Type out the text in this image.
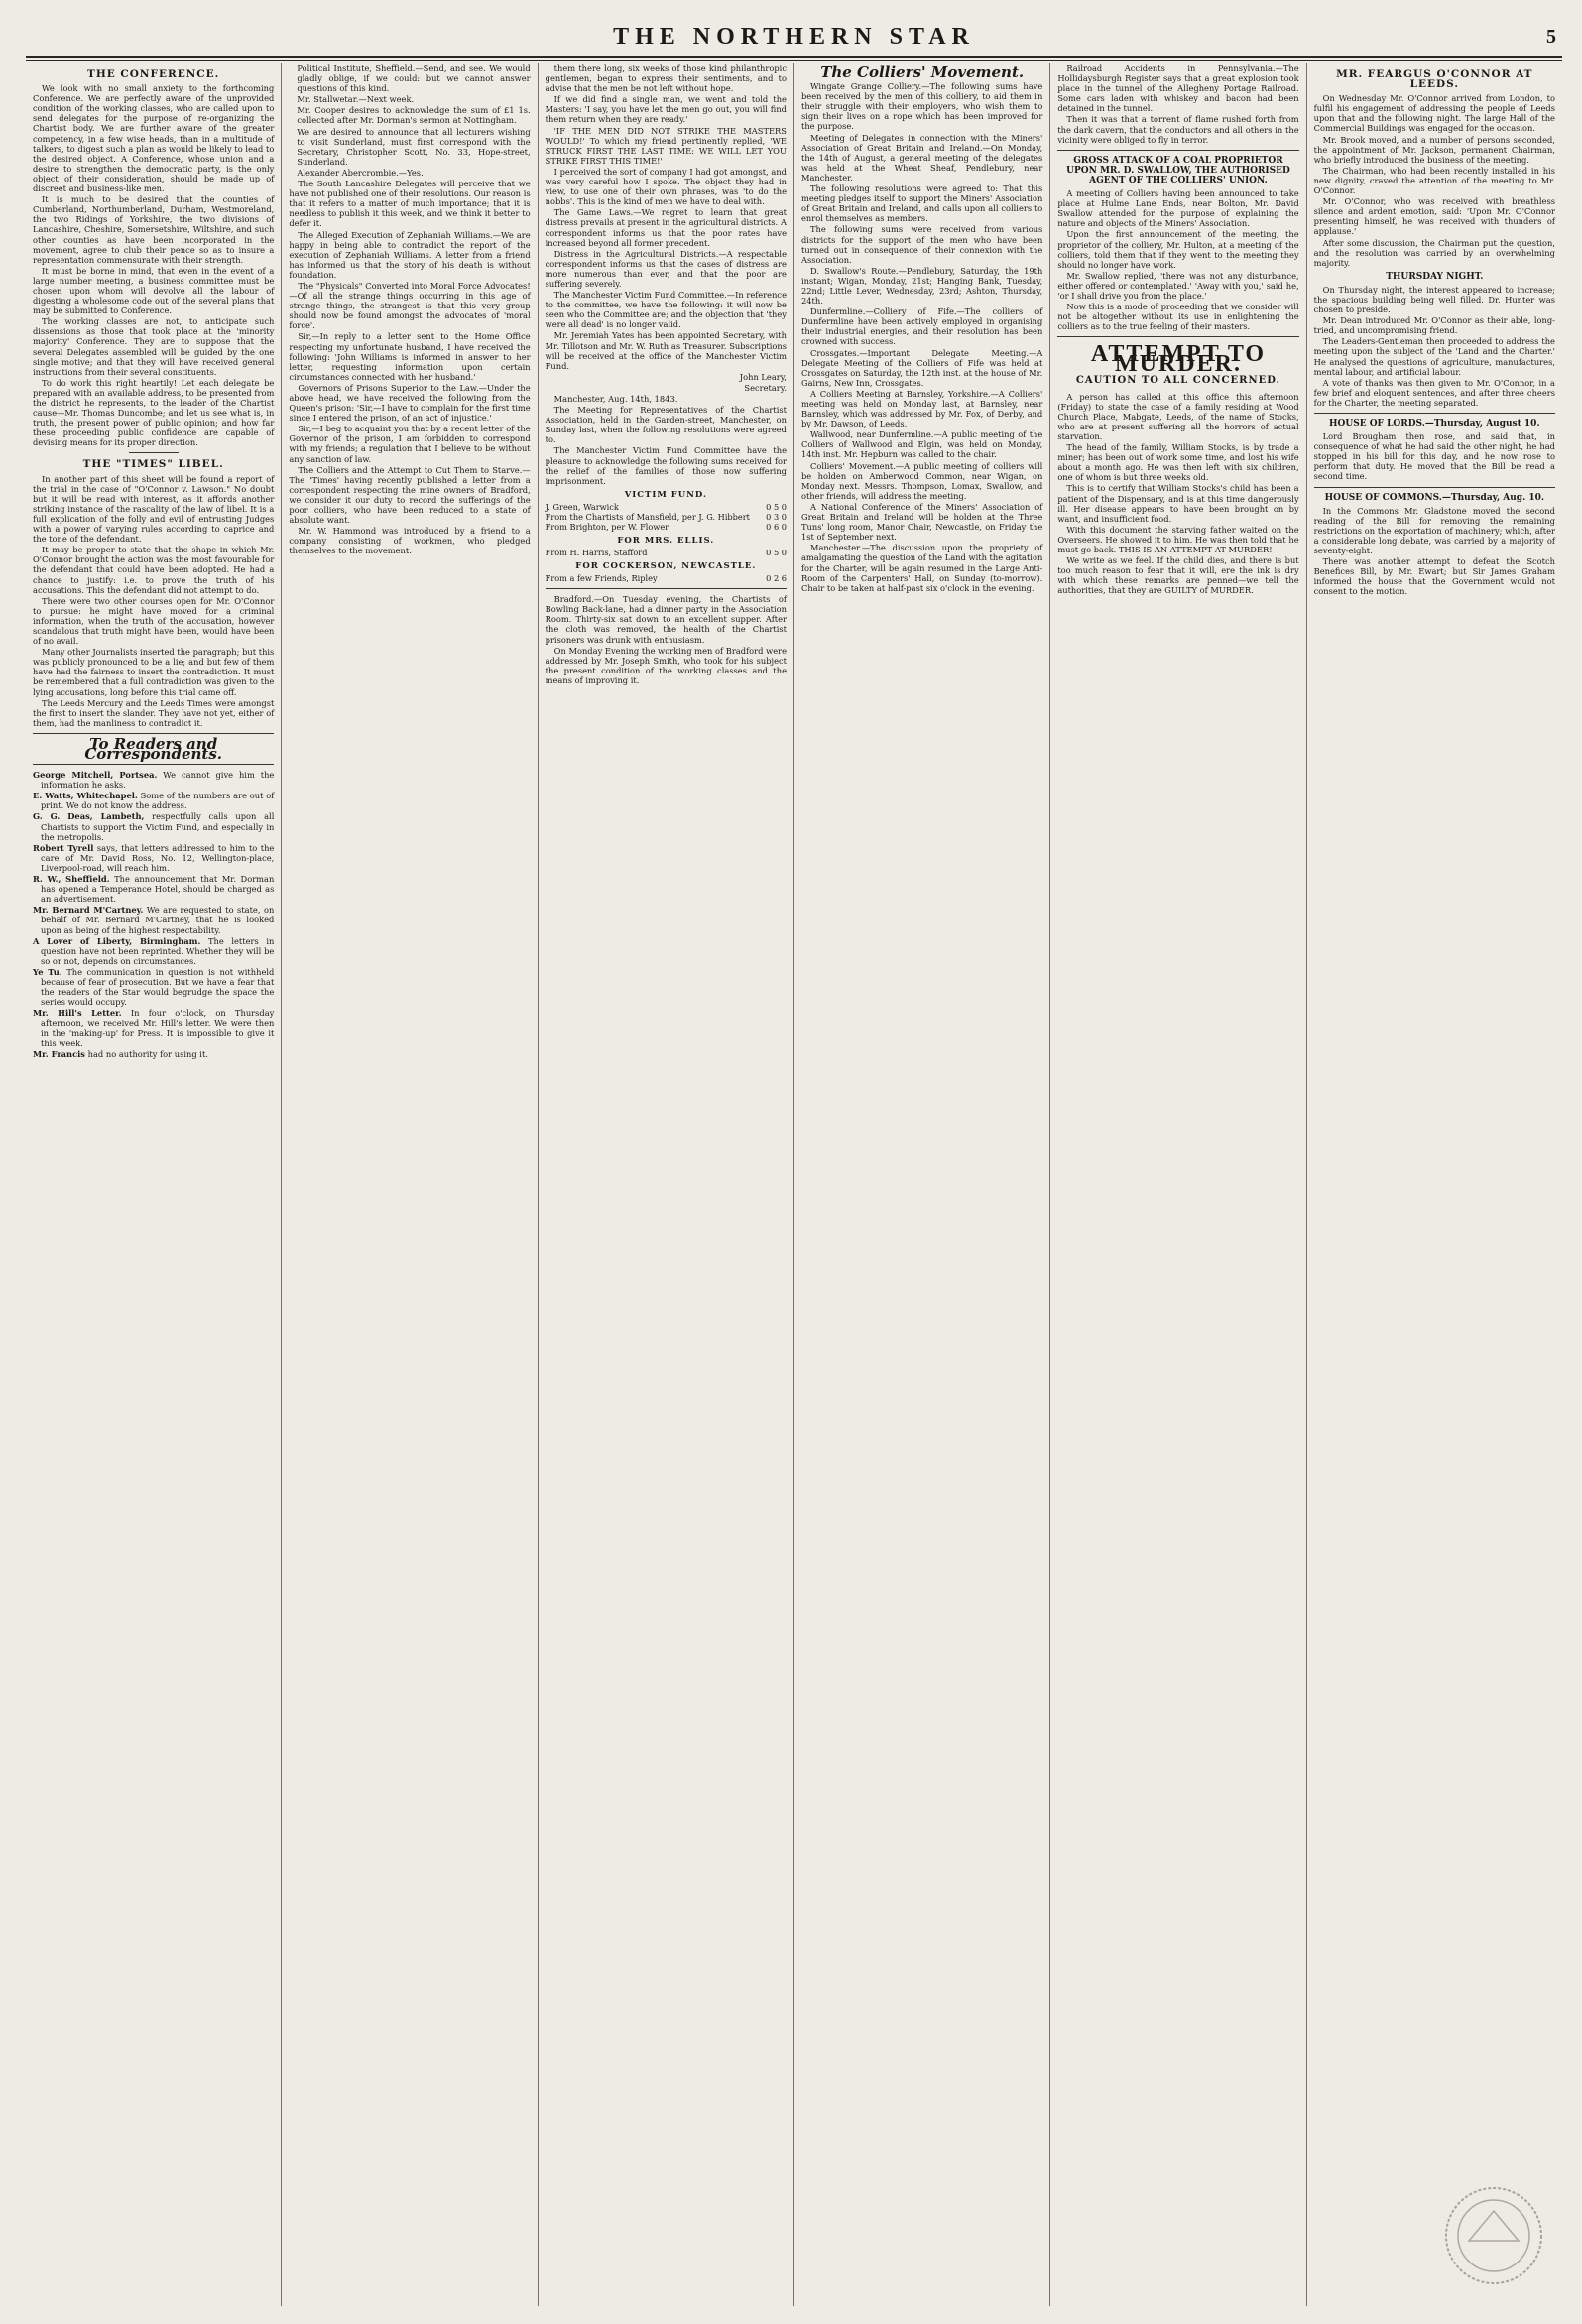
THE NORTHERN STAR	5
THE CONFERENCE.

We look with no small anxiety to the forthcoming Conference. We are perfectly aware of the unprovided condition of the working classes, who are called upon to send delegates for the purpose of re-organizing the Chartist body. We are further aware of the greater competency, in a few wise heads, than in a multitude of talkers, to digest such a plan as would be likely to lead to the desired object. A Conference, whose union and a desire to strengthen the democratic party, is the only object of their consideration, should be made up of discreet and business-like men.

It is much to be desired that the counties of Cumberland, Northumberland, Durham, Westmoreland, the two Ridings of Yorkshire, the two divisions of Lancashire, Cheshire, Somersetshire, Wiltshire, and such other counties as have been incorporated in the movement, agree to club their pence so as to insure a representation commensurate with their strength.

It must be borne in mind, that even in the event of a large number meeting, a business committee must be chosen upon whom will devolve all the labour of digesting a wholesome code out of the several plans that may be submitted to Conference.

The working classes are not, to anticipate such dissensions as those that took place at the 'minority majority' Conference. They are to suppose that the several Delegates assembled will be guided by the one single motive; and that they will have received general instructions from their several constituents.

To do work this right heartily! Let each delegate be prepared with an available address, to be presented from the district he represents, to the leader of the Chartist cause—Mr. Thomas Duncombe; and let us see what is, in truth, the present power of public opinion; and how far these proceeding public confidence are capable of devising means for its proper direction.

THE "TIMES" LIBEL.

In another part of this sheet will be found a report of the trial in the case of "O'Connor v. Lawson." No doubt but it will be read with interest, as it affords another striking instance of the rascality of the law of libel. It is a full explication of the folly and evil of entrusting Judges with a power of varying rules according to caprice and the tone of the defendant.

It may be proper to state that the shape in which Mr. O'Connor brought the action was the most favourable for the defendant that could have been adopted. He had a chance to justify: i.e. to prove the truth of his accusations. This the defendant did not attempt to do.

There were two other courses open for Mr. O'Connor to pursue: he might have moved for a criminal information, when the truth of the accusation, however scandalous that truth might have been, would have been of no avail.

Many other Journalists inserted the paragraph; but this was publicly pronounced to be a lie; and but few of them have had the fairness to insert the contradiction. It must be remembered that a full contradiction was given to the lying accusations, long before this trial came off.

The Leeds Mercury and the Leeds Times were amongst the first to insert the slander. They have not yet, either of them, had the manliness to contradict it.

To Readers and Correspondents.

George Mitchell, Portsea. We cannot give him the information he asks.

E. Watts, Whitechapel. Some of the numbers are out of print. We do not know the address.

G. G. Deas, Lambeth, respectfully calls upon all Chartists to support the Victim Fund, and especially in the metropolis.

Robert Tyrell says, that letters addressed to him to the care of Mr. David Ross, No. 12, Wellington-place, Liverpool-road, will reach him.

R. W., Sheffield. The announcement that Mr. Dorman has opened a Temperance Hotel, should be charged as an advertisement.

Mr. Bernard M'Cartney. We are requested to state, on behalf of Mr. Bernard M'Cartney, that he is looked upon as being of the highest respectability.

A Lover of Liberty, Birmingham. The letters in question have not been reprinted. Whether they will be so or not, depends on circumstances.

Ye Tu. The communication in question is not withheld because of fear of prosecution. But we have a fear that the readers of the Star would begrudge the space the series would occupy.

Mr. Hill's Letter. In four o'clock, on Thursday afternoon, we received Mr. Hill's letter. We were then in the 'making-up' for Press. It is impossible to give it this week.

Mr. Francis had no authority for using it.

Political Institute, Sheffield.—Send, and see. We would gladly oblige, if we could: but we cannot answer questions of this kind.

Mr. Stallwetar.—Next week.

Mr. Cooper desires to acknowledge the sum of £1 1s. collected after Mr. Dorman's sermon at Nottingham.

We are desired to announce that all lecturers wishing to visit Sunderland, must first correspond with the Secretary, Christopher Scott, No. 33, Hope-street, Sunderland.

Alexander Abercrombie.—Yes.

The South Lancashire Delegates will perceive that we have not published one of their resolutions. Our reason is that it refers to a matter of much importance; that it is needless to publish it this week, and we think it better to defer it.

The Alleged Execution of Zephaniah Williams.—We are happy in being able to contradict the report of the execution of Zephaniah Williams. A letter from a friend has informed us that the story of his death is without foundation.

The "Physicals" Converted into Moral Force Advocates!—Of all the strange things occurring in this age of strange things, the strangest is that this very group should now be found amongst the advocates of 'moral force'.

Sir,—In reply to a letter sent to the Home Office respecting my unfortunate husband, I have received the following: 'John Williams is informed in answer to her letter, requesting information upon certain circumstances connected with her husband.'

Governors of Prisons Superior to the Law.—Under the above head, we have received the following from the Queen's prison: 'Sir,—I have to complain for the first time since I entered the prison, of an act of injustice.'

Sir,—I beg to acquaint you that by a recent letter of the Governor of the prison, I am forbidden to correspond with my friends; a regulation that I believe to be without any sanction of law.

The Colliers and the Attempt to Cut Them to Starve.—The 'Times' having recently published a letter from a correspondent respecting the mine owners of Bradford, we consider it our duty to record the sufferings of the poor colliers, who have been reduced to a state of absolute want.

Mr. W. Hammond was introduced by a friend to a company consisting of workmen, who pledged themselves to the movement.

them there long, six weeks of those kind philanthropic gentlemen, began to express their sentiments, and to advise that the men be not left without hope.

If we did find a single man, we went and told the Masters: 'I say, you have let the men go out, you will find them return when they are ready.'

'IF THE MEN DID NOT STRIKE THE MASTERS WOULD!' To which my friend pertinently replied, 'WE STRUCK FIRST THE LAST TIME: WE WILL LET YOU STRIKE FIRST THIS TIME!'

I perceived the sort of company I had got amongst, and was very careful how I spoke. The object they had in view, to use one of their own phrases, was 'to do the nobbs'. This is the kind of men we have to deal with.

The Game Laws.—We regret to learn that great distress prevails at present in the agricultural districts. A correspondent informs us that the poor rates have increased beyond all former precedent.

Distress in the Agricultural Districts.—A respectable correspondent informs us that the cases of distress are more numerous than ever, and that the poor are suffering severely.

The Manchester Victim Fund Committee.—In reference to the committee, we have the following: it will now be seen who the Committee are; and the objection that 'they were all dead' is no longer valid.

Mr. Jeremiah Yates has been appointed Secretary, with Mr. Tillotson and Mr. W. Ruth as Treasurer. Subscriptions will be received at the office of the Manchester Victim Fund.

John Leary,

Secretary.

Manchester, Aug. 14th, 1843.

The Meeting for Representatives of the Chartist Association, held in the Garden-street, Manchester, on Sunday last, when the following resolutions were agreed to.

The Manchester Victim Fund Committee have the pleasure to acknowledge the following sums received for the relief of the families of those now suffering imprisonment.

VICTIM FUND.
J. Green, Warwick	0 5 0
From the Chartists of Mansfield, per J. G. Hibbert 0 3 0
From Brighton, per W. Flower	0 6 0
FOR MRS. ELLIS.
From H. Harris, Stafford	0 5 0
FOR COCKERSON, NEWCASTLE.
From a few Friends, Ripley	0 2 6

Bradford.—On Tuesday evening, the Chartists of Bowling Back-lane, had a dinner party in the Association Room. Thirty-six sat down to an excellent supper. After the cloth was removed, the health of the Chartist prisoners was drunk with enthusiasm.

On Monday Evening the working men of Bradford were addressed by Mr. Joseph Smith, who took for his subject the present condition of the working classes and the means of improving it.

The Colliers' Movement.

Wingate Grange Colliery.—The following sums have been received by the men of this colliery, to aid them in their struggle with their employers, who wish them to sign their lives on a rope which has been improved for the purpose.

Meeting of Delegates in connection with the Miners' Association of Great Britain and Ireland.—On Monday, the 14th of August, a general meeting of the delegates was held at the Wheat Sheaf, Pendlebury, near Manchester.

The following resolutions were agreed to: That this meeting pledges itself to support the Miners' Association of Great Britain and Ireland, and calls upon all colliers to enrol themselves as members.

The following sums were received from various districts for the support of the men who have been turned out in consequence of their connexion with the Association.

D. Swallow's Route.—Pendlebury, Saturday, the 19th instant; Wigan, Monday, 21st; Hanging Bank, Tuesday, 22nd; Little Lever, Wednesday, 23rd; Ashton, Thursday, 24th.

Dunfermline.—Colliery of Fife.—The colliers of Dunfermline have been actively employed in organising their industrial energies, and their resolution has been crowned with success.

Crossgates.—Important Delegate Meeting.—A Delegate Meeting of the Colliers of Fife was held at Crossgates on Saturday, the 12th inst. at the house of Mr. Gairns, New Inn, Crossgates.

A Colliers Meeting at Barnsley, Yorkshire.—A Colliers' meeting was held on Monday last, at Barnsley, near Barnsley, which was addressed by Mr. Fox, of Derby, and by Mr. Dawson, of Leeds.

Wallwood, near Dunfermline.—A public meeting of the Colliers of Wallwood and Elgin, was held on Monday, 14th inst. Mr. Hepburn was called to the chair.

Colliers' Movement.—A public meeting of colliers will be holden on Amberwood Common, near Wigan, on Monday next. Messrs. Thompson, Lomax, Swallow, and other friends, will address the meeting.

A National Conference of the Miners' Association of Great Britain and Ireland will be holden at the Three Tuns' long room, Manor Chair, Newcastle, on Friday the 1st of September next.

Manchester.—The discussion upon the propriety of amalgamating the question of the Land with the agitation for the Charter, will be again resumed in the Large Anti-Room of the Carpenters' Hall, on Sunday (to-morrow). Chair to be taken at half-past six o'clock in the evening.

Railroad Accidents in Pennsylvania.—The Hollidaysburgh Register says that a great explosion took place in the tunnel of the Allegheny Portage Railroad. Some cars laden with whiskey and bacon had been detained in the tunnel.

Then it was that a torrent of flame rushed forth from the dark cavern, that the conductors and all others in the vicinity were obliged to fly in terror.

GROSS ATTACK OF A COAL PROPRIETOR UPON MR. D. SWALLOW, THE AUTHORISED AGENT OF THE COLLIERS' UNION.

A meeting of Colliers having been announced to take place at Hulme Lane Ends, near Bolton, Mr. David Swallow attended for the purpose of explaining the nature and objects of the Miners' Association.

Upon the first announcement of the meeting, the proprietor of the colliery, Mr. Hulton, at a meeting of the colliers, told them that if they went to the meeting they should no longer have work.

Mr. Swallow replied, 'there was not any disturbance, either offered or contemplated.' 'Away with you,' said he, 'or I shall drive you from the place.'

Now this is a mode of proceeding that we consider will not be altogether without its use in enlightening the colliers as to the true feeling of their masters.

ATTEMPT TO MURDER.
CAUTION TO ALL CONCERNED.

A person has called at this office this afternoon (Friday) to state the case of a family residing at Wood Church Place, Mabgate, Leeds, of the name of Stocks, who are at present suffering all the horrors of actual starvation.

The head of the family, William Stocks, is by trade a miner; has been out of work some time, and lost his wife about a month ago. He was then left with six children, one of whom is but three weeks old.

This is to certify that William Stocks's child has been a patient of the Dispensary, and is at this time dangerously ill. Her disease appears to have been brought on by want, and insufficient food.

With this document the starving father waited on the Overseers. He showed it to him. He was then told that he must go back. THIS IS AN ATTEMPT AT MURDER!

We write as we feel. If the child dies, and there is but too much reason to fear that it will, ere the ink is dry with which these remarks are penned—we tell the authorities, that they are GUILTY of MURDER.

MR. FEARGUS O'CONNOR AT LEEDS.

On Wednesday Mr. O'Connor arrived from London, to fulfil his engagement of addressing the people of Leeds upon that and the following night. The large Hall of the Commercial Buildings was engaged for the occasion.

Mr. Brook moved, and a number of persons seconded, the appointment of Mr. Jackson, permanent Chairman, who briefly introduced the business of the meeting.

The Chairman, who had been recently installed in his new dignity, craved the attention of the meeting to Mr. O'Connor.

Mr. O'Connor, who was received with breathless silence and ardent emotion, said: 'Upon Mr. O'Connor presenting himself, he was received with thunders of applause.'

After some discussion, the Chairman put the question, and the resolution was carried by an overwhelming majority.

THURSDAY NIGHT.

On Thursday night, the interest appeared to increase; the spacious building being well filled. Dr. Hunter was chosen to preside.

Mr. Dean introduced Mr. O'Connor as their able, long-tried, and uncompromising friend.

The Leaders-Gentleman then proceeded to address the meeting upon the subject of the 'Land and the Charter.' He analysed the questions of agriculture, manufactures, mental labour, and artificial labour.

A vote of thanks was then given to Mr. O'Connor, in a few brief and eloquent sentences, and after three cheers for the Charter, the meeting separated.

HOUSE OF LORDS.—Thursday, August 10.

Lord Brougham then rose, and said that, in consequence of what he had said the other night, he had stopped in his bill for this day, and he now rose to perform that duty. He moved that the Bill be read a second time.

HOUSE OF COMMONS.—Thursday, Aug. 10.

In the Commons Mr. Gladstone moved the second reading of the Bill for removing the remaining restrictions on the exportation of machinery; which, after a considerable long debate, was carried by a majority of seventy-eight.

There was another attempt to defeat the Scotch Benefices Bill, by Mr. Ewart; but Sir James Graham informed the house that the Government would not consent to the motion.
